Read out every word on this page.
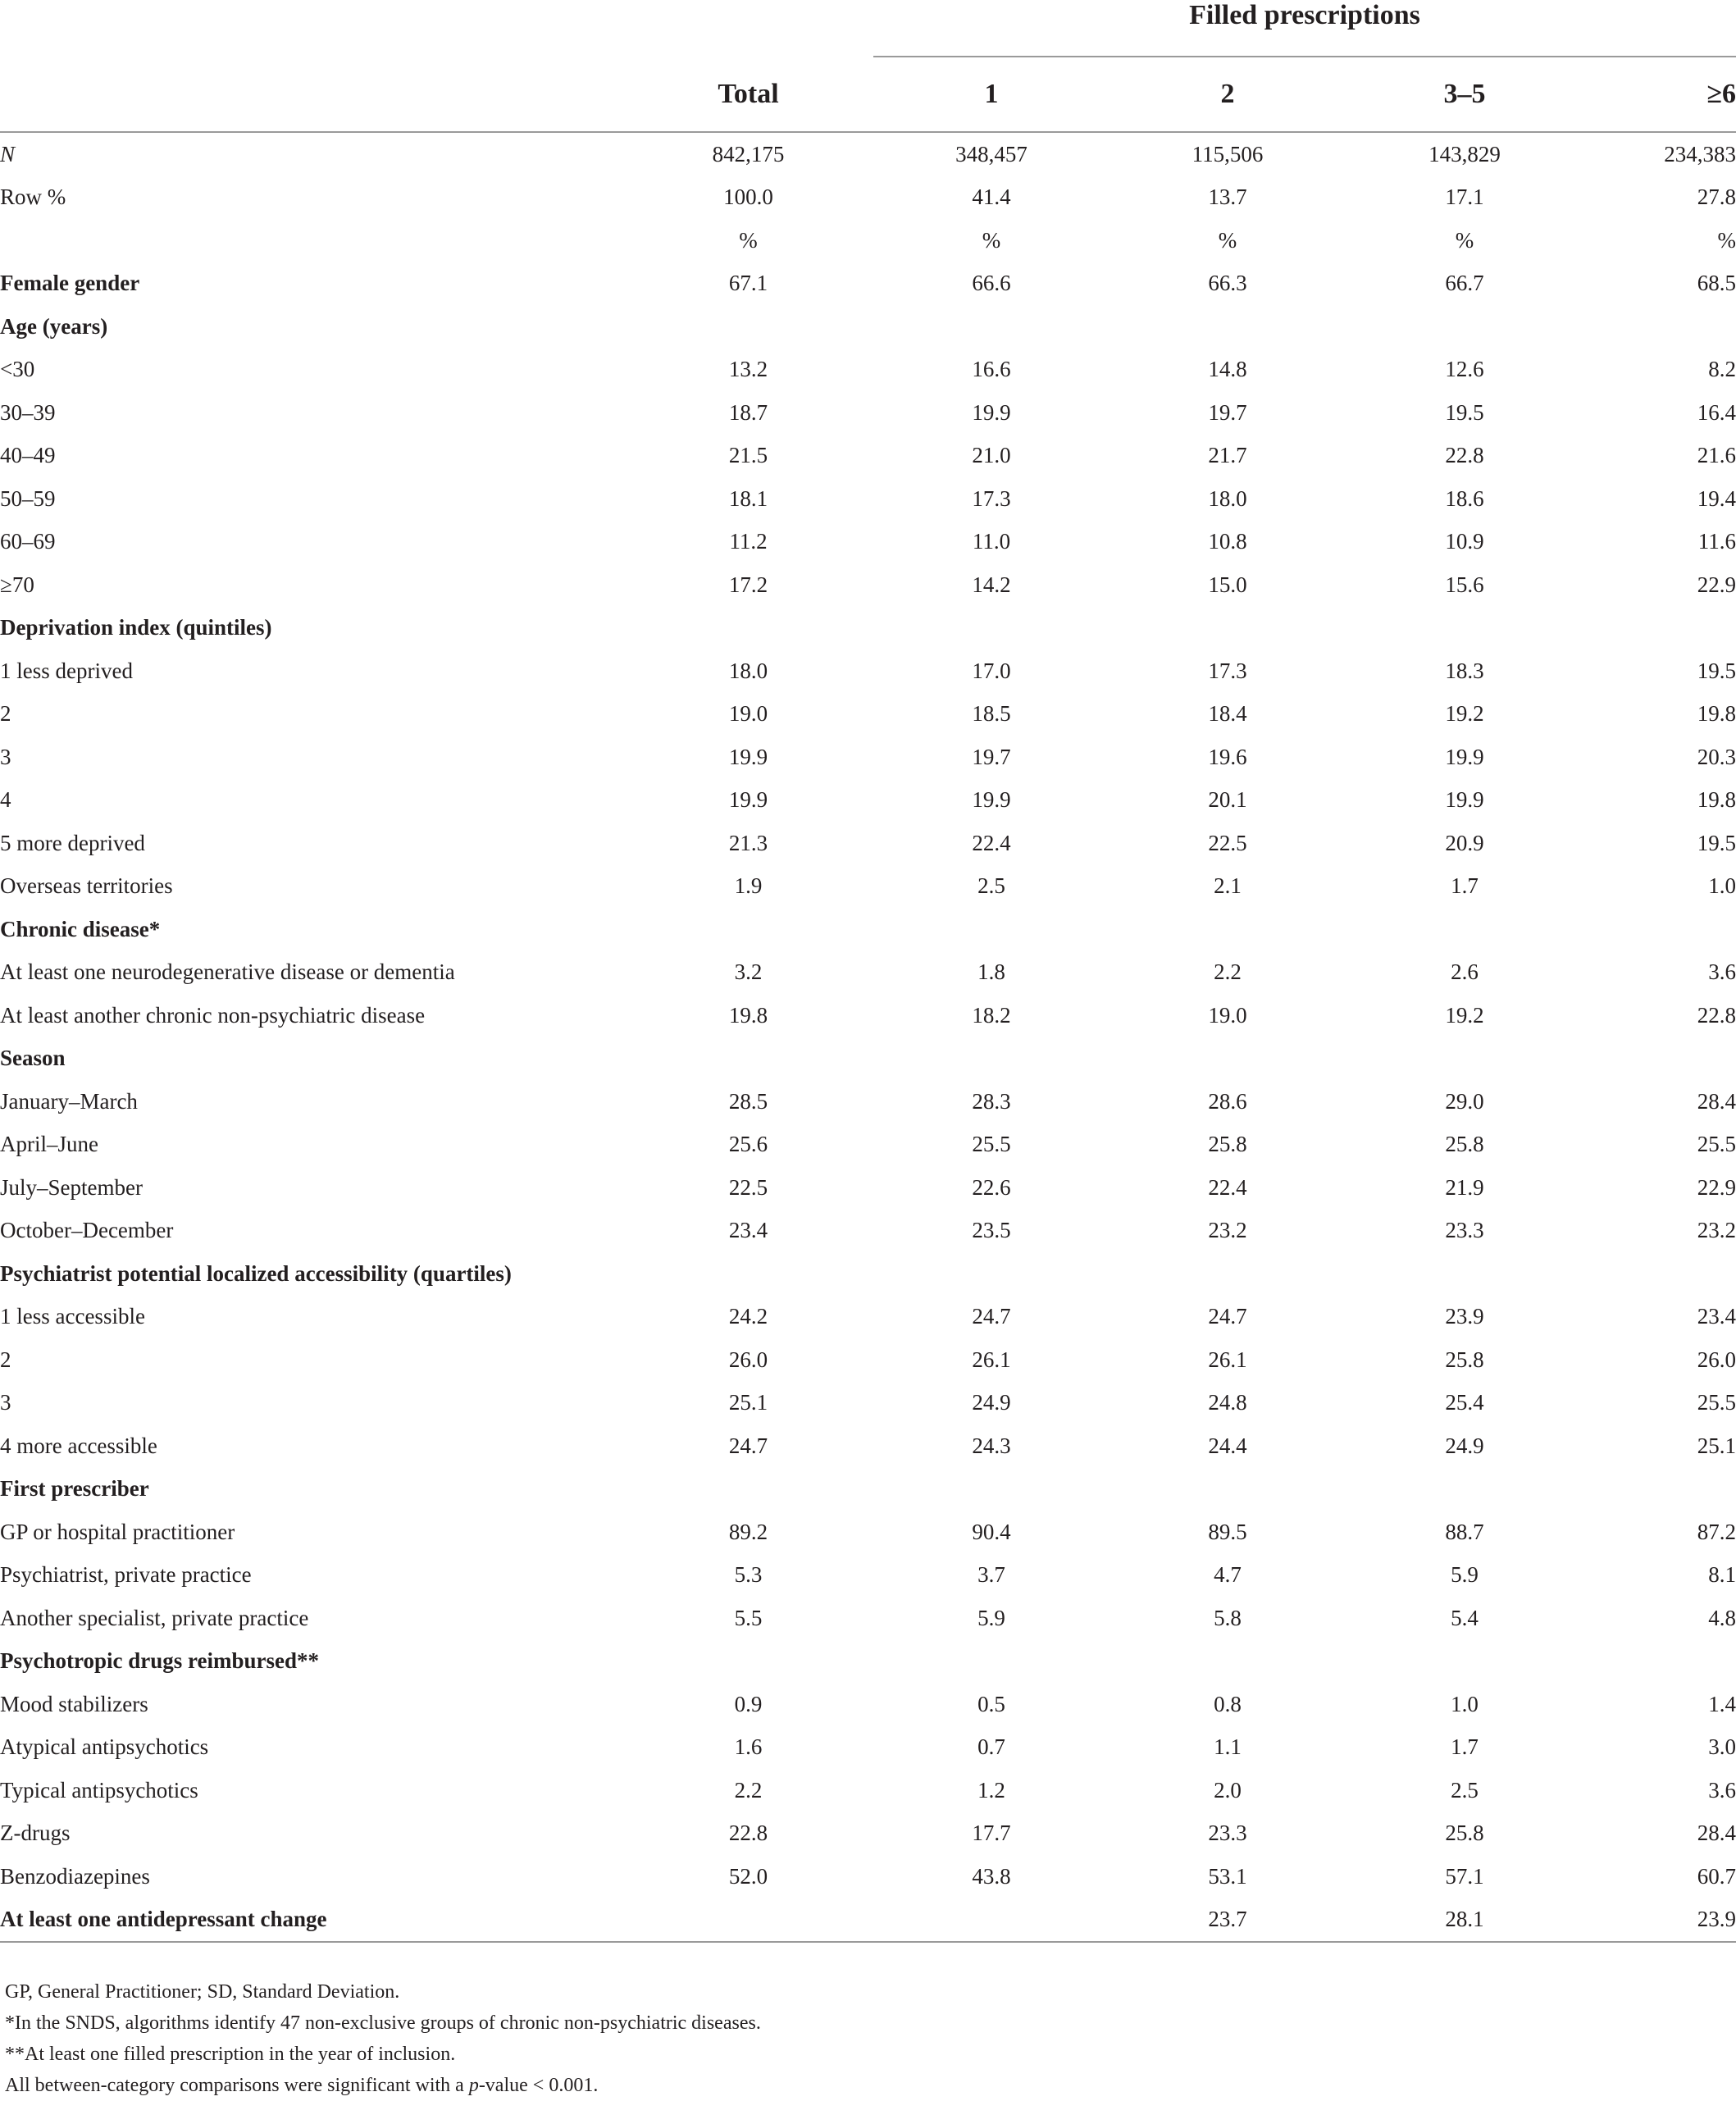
		Filled prescriptions			
	Total	1	2	3–5	≥6
N	842,175	348,457	115,506	143,829	234,383
Row %	100.0	41.4	13.7	17.1	27.8
	%	%	%	%	%
Female gender	67.1	66.6	66.3	66.7	68.5
Age (years)					
<30	13.2	16.6	14.8	12.6	8.2
30–39	18.7	19.9	19.7	19.5	16.4
40–49	21.5	21.0	21.7	22.8	21.6
50–59	18.1	17.3	18.0	18.6	19.4
60–69	11.2	11.0	10.8	10.9	11.6
≥70	17.2	14.2	15.0	15.6	22.9
Deprivation index (quintiles)					
1 less deprived	18.0	17.0	17.3	18.3	19.5
2	19.0	18.5	18.4	19.2	19.8
3	19.9	19.7	19.6	19.9	20.3
4	19.9	19.9	20.1	19.9	19.8
5 more deprived	21.3	22.4	22.5	20.9	19.5
Overseas territories	1.9	2.5	2.1	1.7	1.0
Chronic disease*					
At least one neurodegenerative disease or dementia	3.2	1.8	2.2	2.6	3.6
At least another chronic non-psychiatric disease	19.8	18.2	19.0	19.2	22.8
Season					
January–March	28.5	28.3	28.6	29.0	28.4
April–June	25.6	25.5	25.8	25.8	25.5
July–September	22.5	22.6	22.4	21.9	22.9
October–December	23.4	23.5	23.2	23.3	23.2
Psychiatrist potential localized accessibility (quartiles)					
1 less accessible	24.2	24.7	24.7	23.9	23.4
2	26.0	26.1	26.1	25.8	26.0
3	25.1	24.9	24.8	25.4	25.5
4 more accessible	24.7	24.3	24.4	24.9	25.1
First prescriber					
GP or hospital practitioner	89.2	90.4	89.5	88.7	87.2
Psychiatrist, private practice	5.3	3.7	4.7	5.9	8.1
Another specialist, private practice	5.5	5.9	5.8	5.4	4.8
Psychotropic drugs reimbursed**					
Mood stabilizers	0.9	0.5	0.8	1.0	1.4
Atypical antipsychotics	1.6	0.7	1.1	1.7	3.0
Typical antipsychotics	2.2	1.2	2.0	2.5	3.6
Z-drugs	22.8	17.7	23.3	25.8	28.4
Benzodiazepines	52.0	43.8	53.1	57.1	60.7
At least one antidepressant change			23.7	28.1	23.9

GP, General Practitioner; SD, Standard Deviation.

*In the SNDS, algorithms identify 47 non-exclusive groups of chronic non-psychiatric diseases.

**At least one filled prescription in the year of inclusion.

All between-category comparisons were significant with a p-value < 0.001.
